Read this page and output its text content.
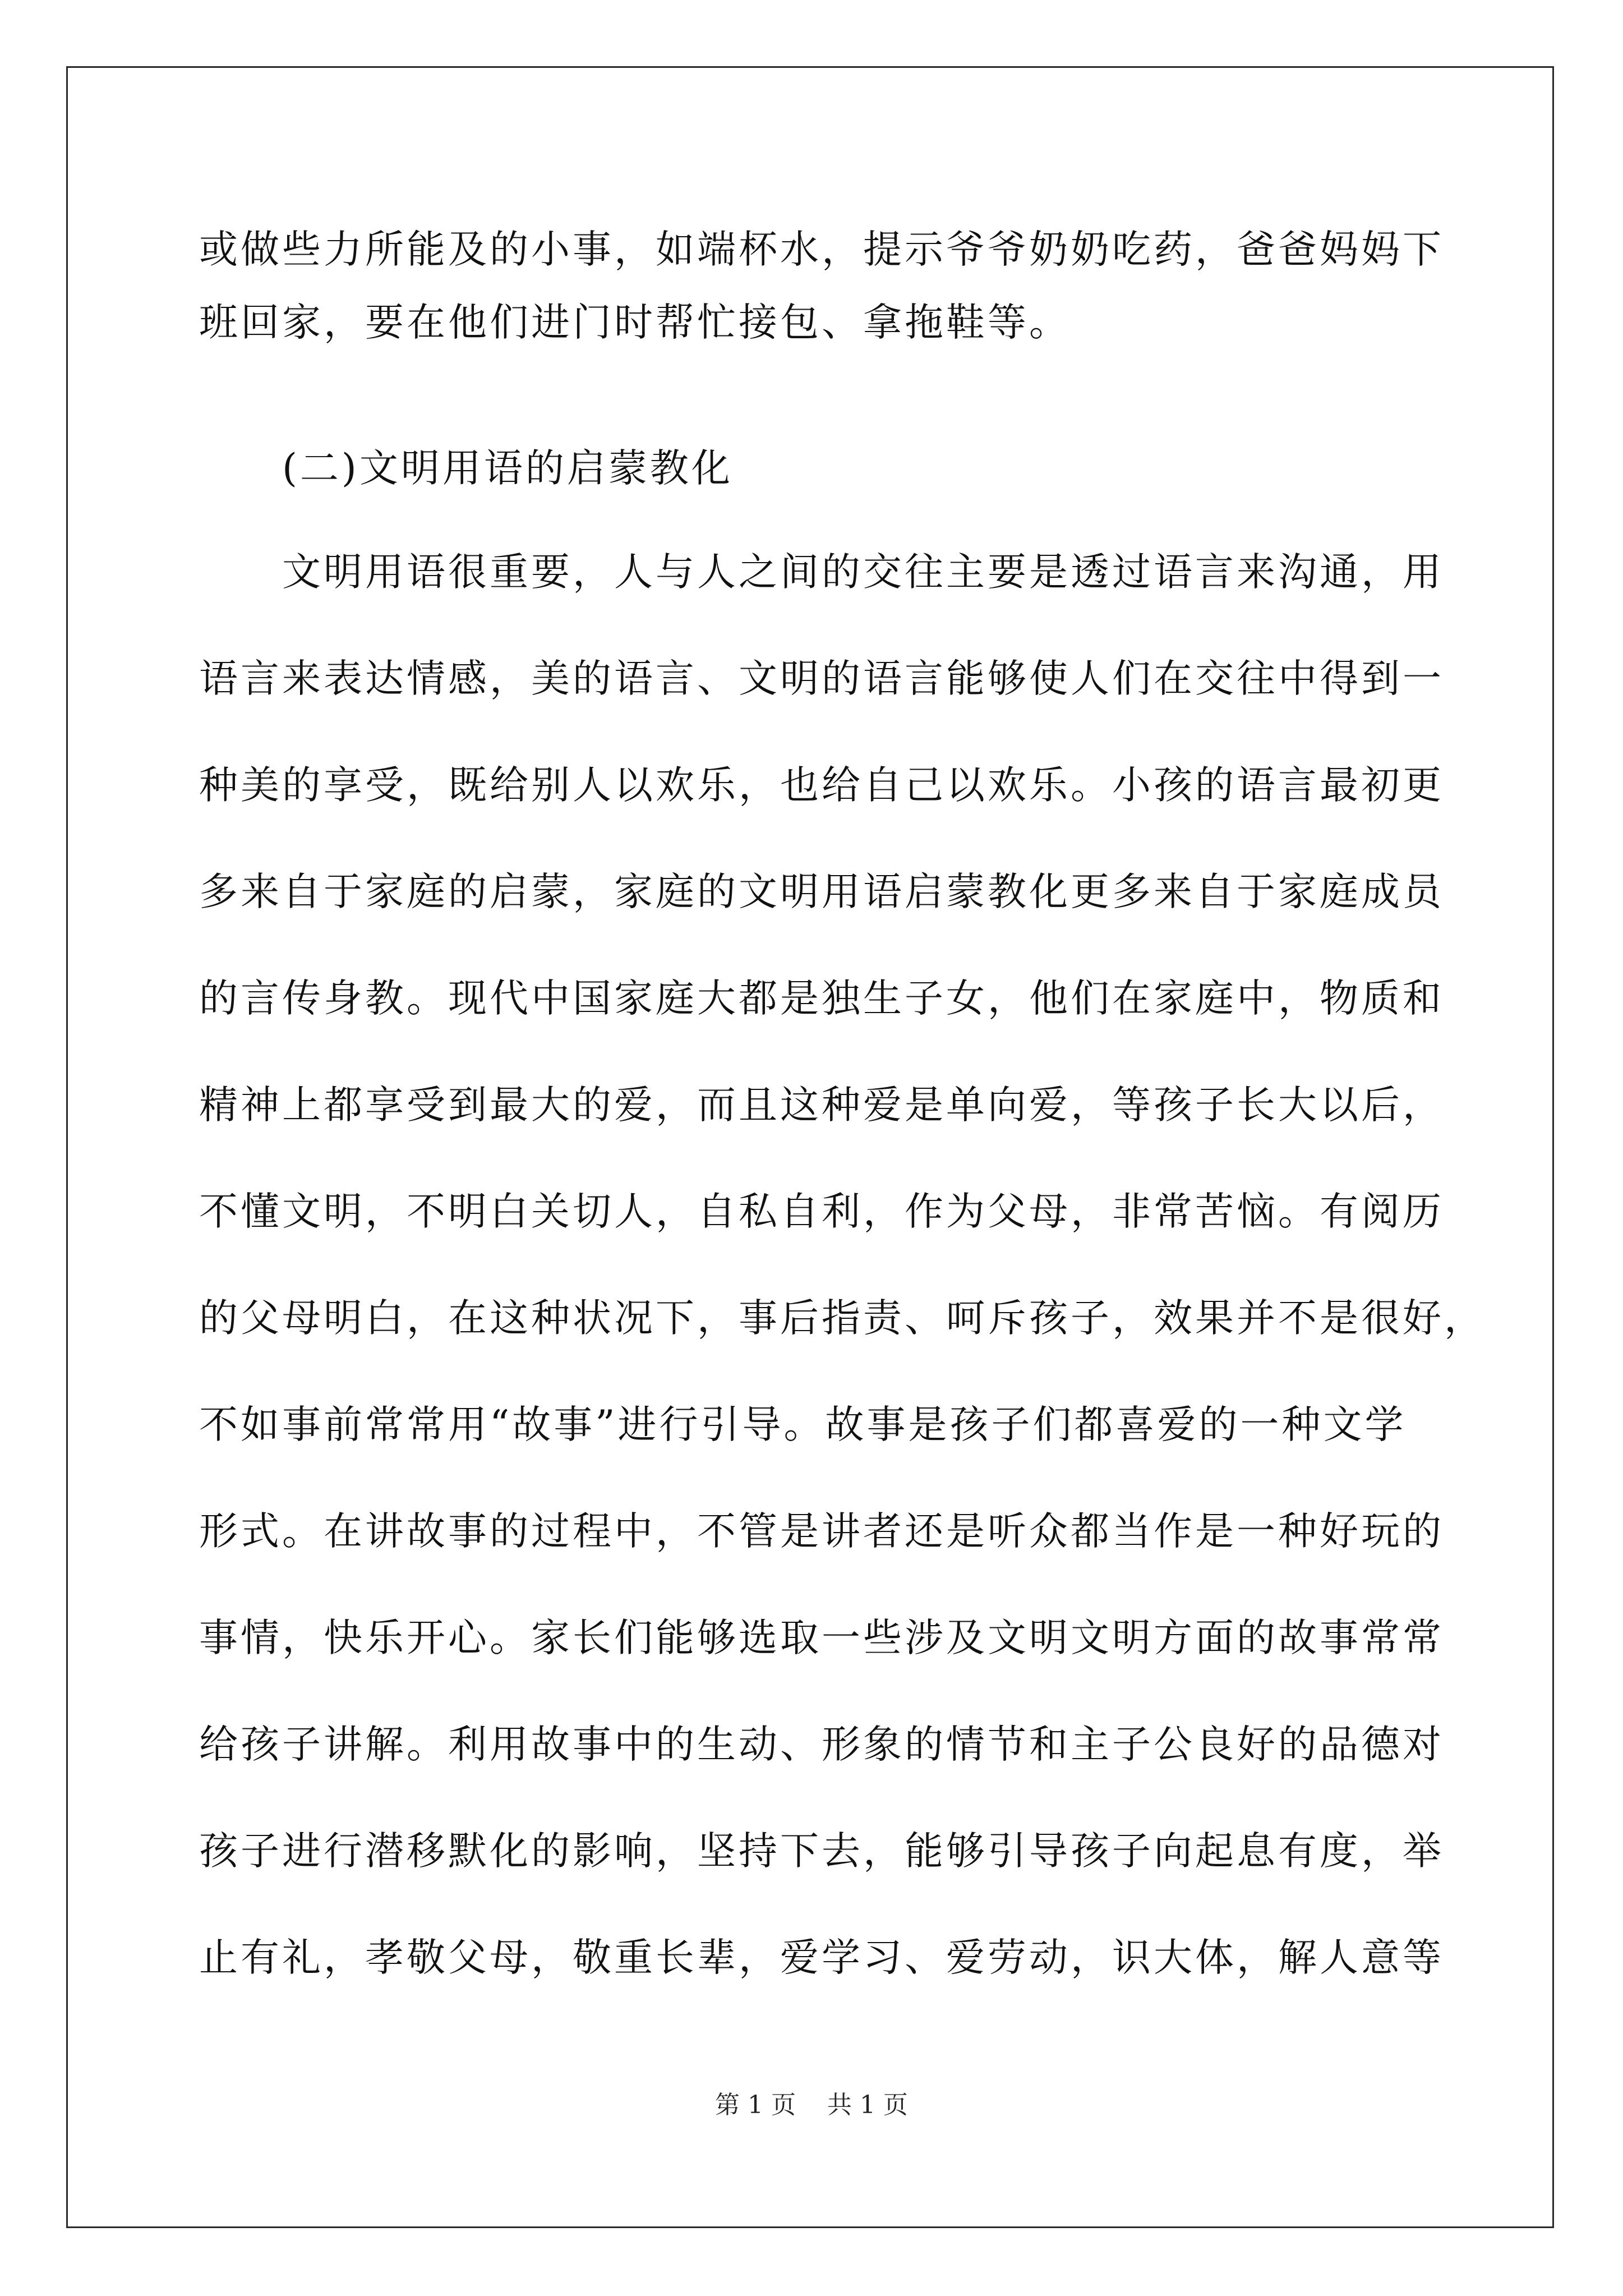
或做些力所能及的小事，如端杯水，提示爷爷奶奶吃药，爸爸妈妈下
班回家，要在他们进门时帮忙接包、拿拖鞋等。
(二)文明用语的启蒙教化
文明用语很重要，人与人之间的交往主要是透过语言来沟通，用
语言来表达情感，美的语言、文明的语言能够使人们在交往中得到一
种美的享受，既给别人以欢乐，也给自己以欢乐。小孩的语言最初更
多来自于家庭的启蒙，家庭的文明用语启蒙教化更多来自于家庭成员
的言传身教。现代中国家庭大都是独生子女，他们在家庭中，物质和
精神上都享受到最大的爱，而且这种爱是单向爱，等孩子长大以后，
不懂文明，不明白关切人，自私自利，作为父母，非常苦恼。有阅历
的父母明白，在这种状况下，事后指责、呵斥孩子，效果并不是很好，
不如事前常常用“故事”进行引导。故事是孩子们都喜爱的一种文学
形式。在讲故事的过程中，不管是讲者还是听众都当作是一种好玩的
事情，快乐开心。家长们能够选取一些涉及文明文明方面的故事常常
给孩子讲解。利用故事中的生动、形象的情节和主子公良好的品德对
孩子进行潜移默化的影响，坚持下去，能够引导孩子向起息有度，举
止有礼，孝敬父母，敬重长辈，爱学习、爱劳动，识大体，解人意等
第 1 页    共 1 页
